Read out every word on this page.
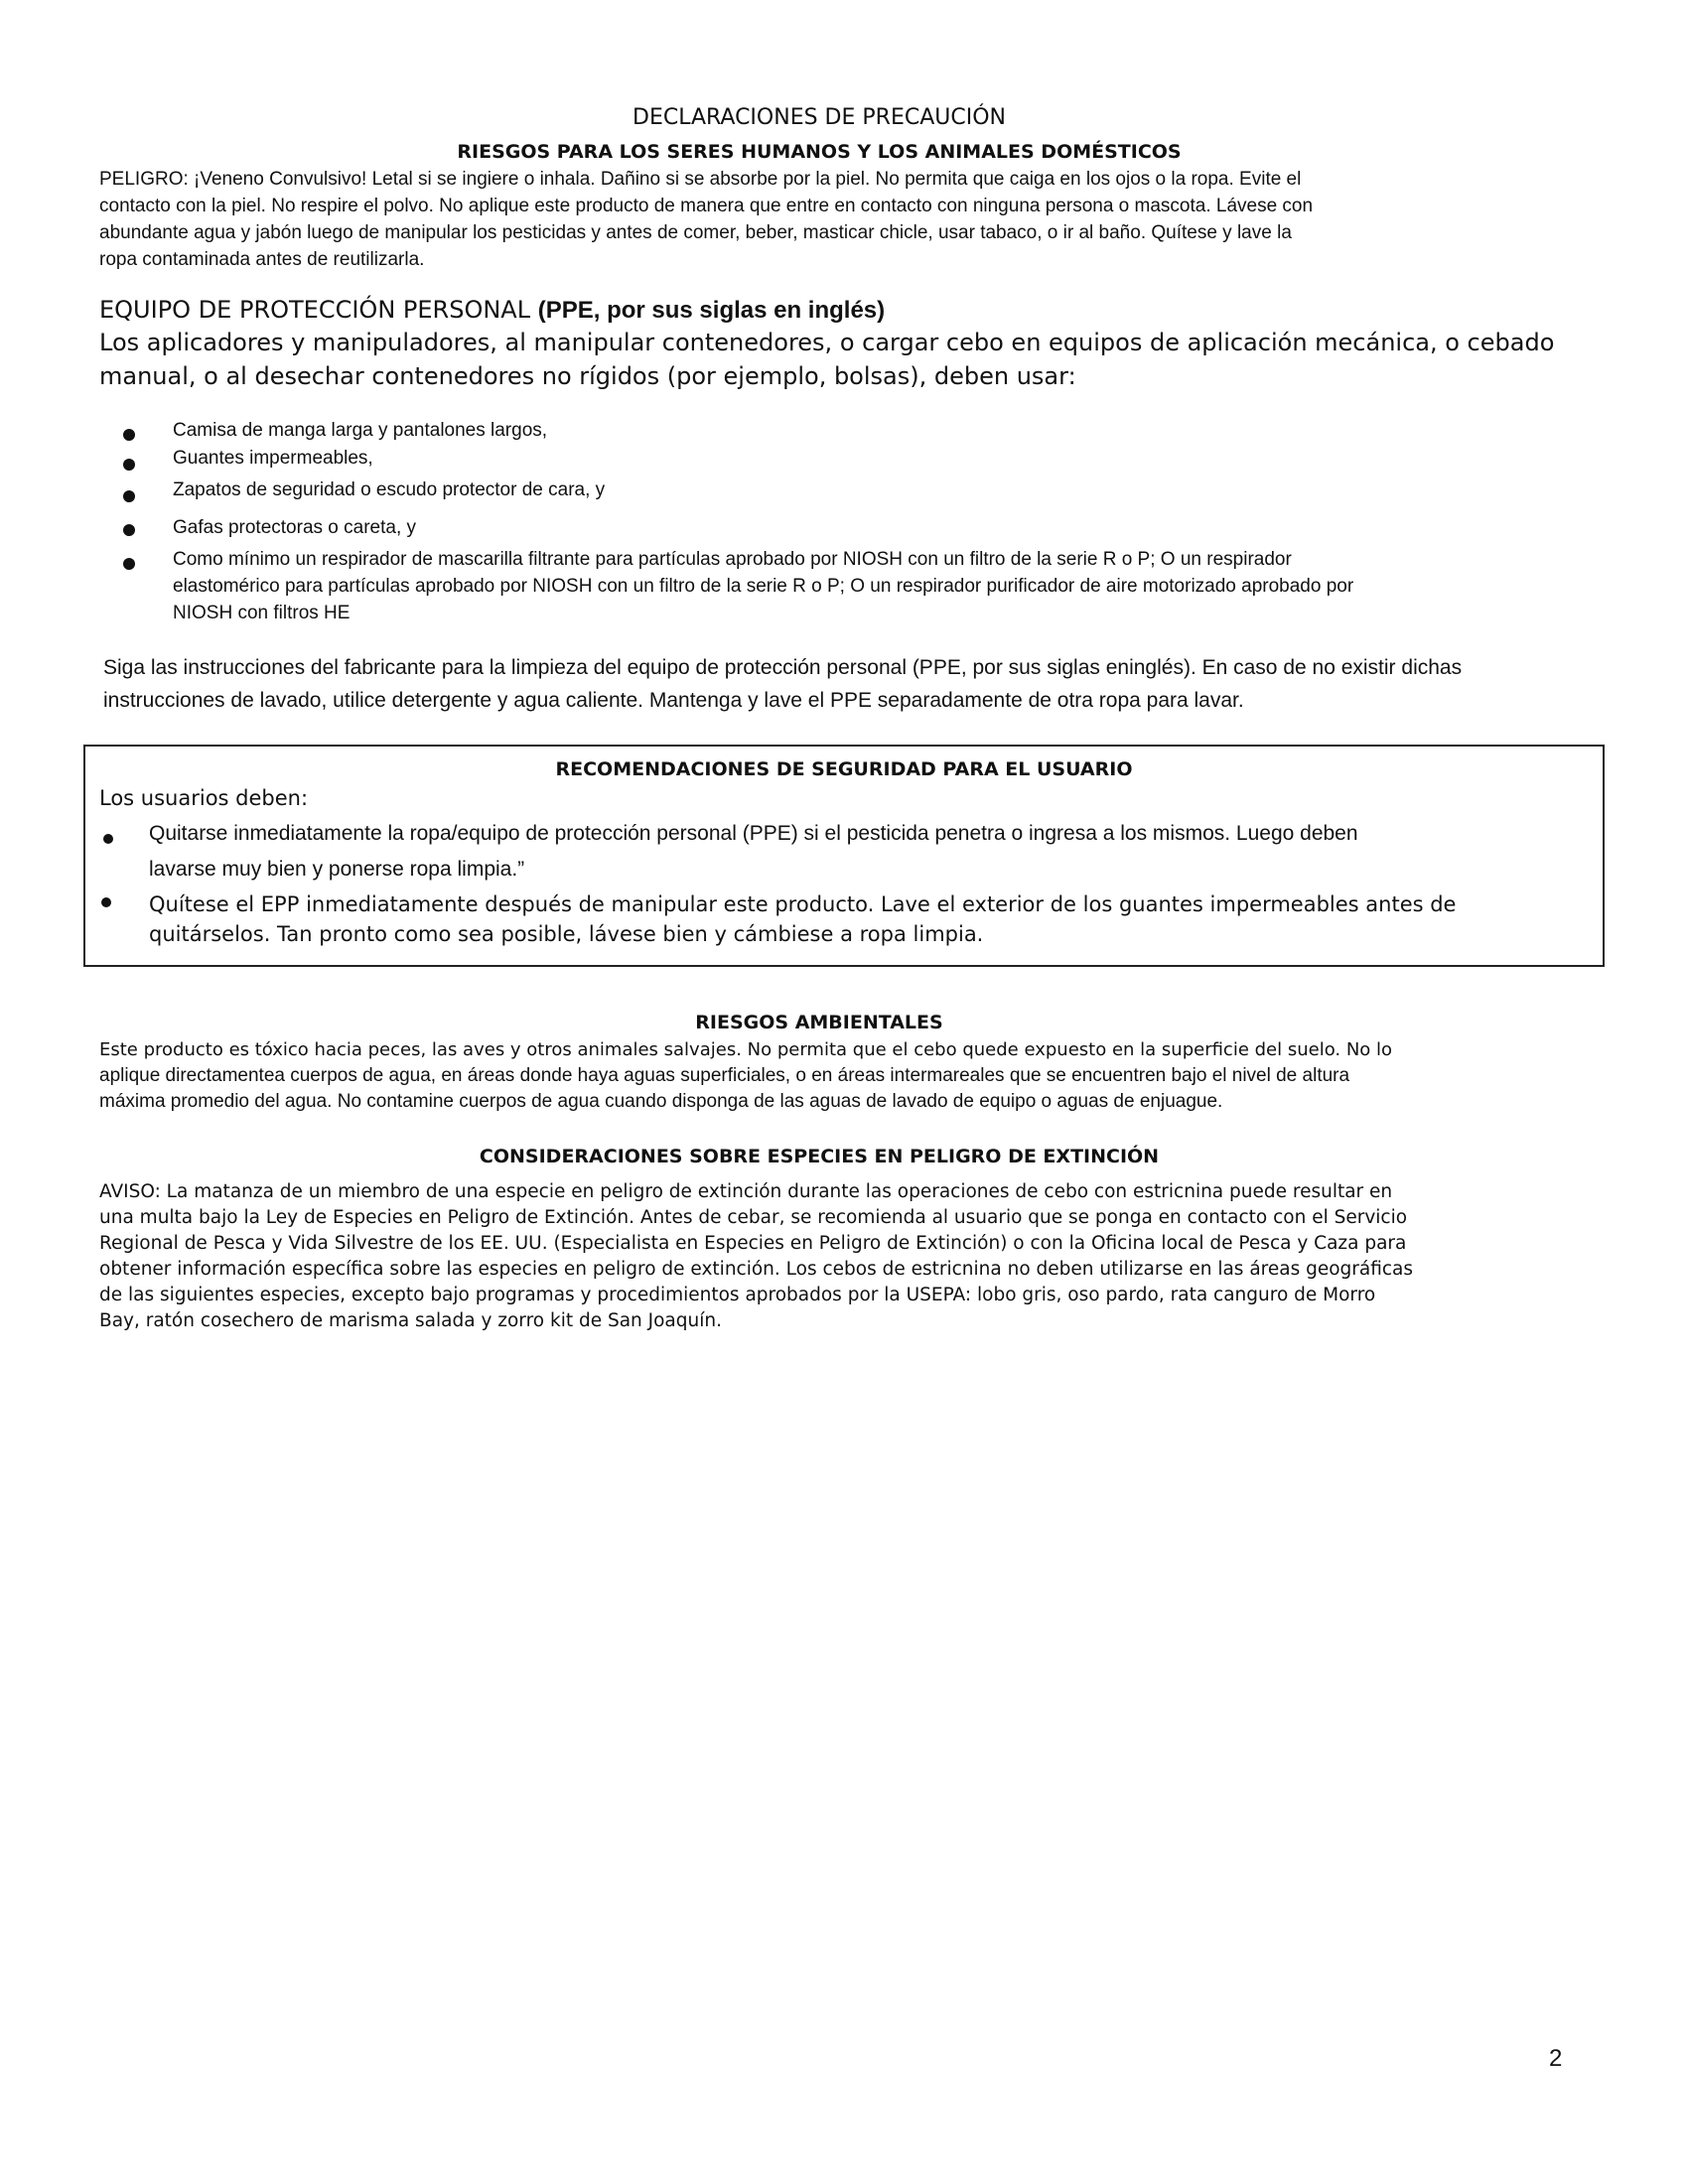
DECLARACIONES DE PRECAUCIÓN
RIESGOS PARA LOS SERES HUMANOS Y LOS ANIMALES DOMÉSTICOS
PELIGRO: ¡Veneno Convulsivo! Letal si se ingiere o inhala. Dañino si se absorbe por la piel. No permita que caiga en los ojos o la ropa. Evite el
contacto con la piel. No respire el polvo. No aplique este producto de manera que entre en contacto con ninguna persona o mascota. Lávese con
abundante agua y jabón luego de manipular los pesticidas y antes de comer, beber, masticar chicle, usar tabaco, o ir al baño. Quítese y lave la
ropa contaminada antes de reutilizarla.
EQUIPO DE PROTECCIÓN PERSONAL (PPE, por sus siglas en inglés)
Los aplicadores y manipuladores, al manipular contenedores, o cargar cebo en equipos de aplicación mecánica, o cebado
manual, o al desechar contenedores no rígidos (por ejemplo, bolsas), deben usar:
Camisa de manga larga y pantalones largos,
Guantes impermeables,
Zapatos de seguridad o escudo protector de cara, y
Gafas protectoras o careta, y
Como mínimo un respirador de mascarilla filtrante para partículas aprobado por NIOSH con un filtro de la serie R o P; O un respirador
elastomérico para partículas aprobado por NIOSH con un filtro de la serie R o P; O un respirador purificador de aire motorizado aprobado por
NIOSH con filtros HE
Siga las instrucciones del fabricante para la limpieza del equipo de protección personal (PPE, por sus siglas eninglés). En caso de no existir dichas
instrucciones de lavado, utilice detergente y agua caliente. Mantenga y lave el PPE separadamente de otra ropa para lavar.
RECOMENDACIONES DE SEGURIDAD PARA EL USUARIO
Los usuarios deben:
Quitarse inmediatamente la ropa/equipo de protección personal (PPE) si el pesticida penetra o ingresa a los mismos. Luego deben
lavarse muy bien y ponerse ropa limpia.”
Quítese el EPP inmediatamente después de manipular este producto. Lave el exterior de los guantes impermeables antes de
quitárselos. Tan pronto como sea posible, lávese bien y cámbiese a ropa limpia.
RIESGOS AMBIENTALES
Este producto es tóxico hacia peces, las aves y otros animales salvajes. No permita que el cebo quede expuesto en la superficie del suelo. No lo
aplique directamentea cuerpos de agua, en áreas donde haya aguas superficiales, o en áreas intermareales que se encuentren bajo el nivel de altura
máxima promedio del agua. No contamine cuerpos de agua cuando disponga de las aguas de lavado de equipo o aguas de enjuague.
CONSIDERACIONES SOBRE ESPECIES EN PELIGRO DE EXTINCIÓN
AVISO: La matanza de un miembro de una especie en peligro de extinción durante las operaciones de cebo con estricnina puede resultar en
una multa bajo la Ley de Especies en Peligro de Extinción. Antes de cebar, se recomienda al usuario que se ponga en contacto con el Servicio
Regional de Pesca y Vida Silvestre de los EE. UU. (Especialista en Especies en Peligro de Extinción) o con la Oficina local de Pesca y Caza para
obtener información específica sobre las especies en peligro de extinción. Los cebos de estricnina no deben utilizarse en las áreas geográficas
de las siguientes especies, excepto bajo programas y procedimientos aprobados por la USEPA: lobo gris, oso pardo, rata canguro de Morro
Bay, ratón cosechero de marisma salada y zorro kit de San Joaquín.
2
